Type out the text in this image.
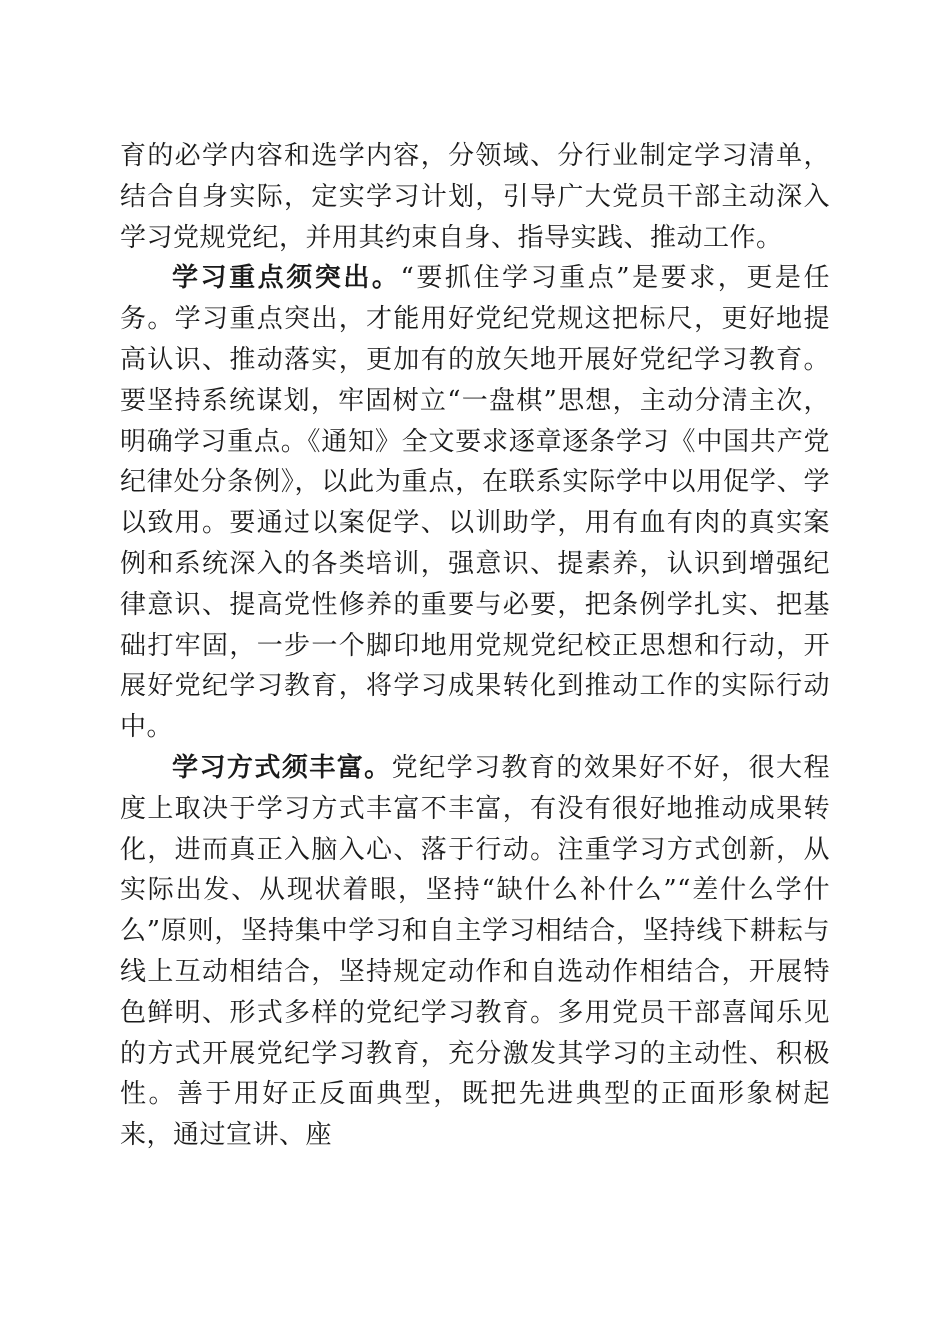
育的必学内容和选学内容，分领域、分行业制定学习清单，结合自身实际，定实学习计划，引导广大党员干部主动深入学习党规党纪，并用其约束自身、指导实践、推动工作。

学习重点须突出。“要抓住学习重点”是要求，更是任务。学习重点突出，才能用好党纪党规这把标尺，更好地提高认识、推动落实，更加有的放矢地开展好党纪学习教育。要坚持系统谋划，牢固树立“一盘棋”思想，主动分清主次，明确学习重点。《通知》全文要求逐章逐条学习《中国共产党纪律处分条例》，以此为重点，在联系实际学中以用促学、学以致用。要通过以案促学、以训助学，用有血有肉的真实案例和系统深入的各类培训，强意识、提素养，认识到增强纪律意识、提高党性修养的重要与必要，把条例学扎实、把基础打牢固，一步一个脚印地用党规党纪校正思想和行动，开展好党纪学习教育，将学习成果转化到推动工作的实际行动中。

学习方式须丰富。党纪学习教育的效果好不好，很大程度上取决于学习方式丰富不丰富，有没有很好地推动成果转化，进而真正入脑入心、落于行动。注重学习方式创新，从实际出发、从现状着眼，坚持“缺什么补什么”“差什么学什么”原则，坚持集中学习和自主学习相结合，坚持线下耕耘与线上互动相结合，坚持规定动作和自选动作相结合，开展特色鲜明、形式多样的党纪学习教育。多用党员干部喜闻乐见的方式开展党纪学习教育，充分激发其学习的主动性、积极性。善于用好正反面典型，既把先进典型的正面形象树起来，通过宣讲、座
